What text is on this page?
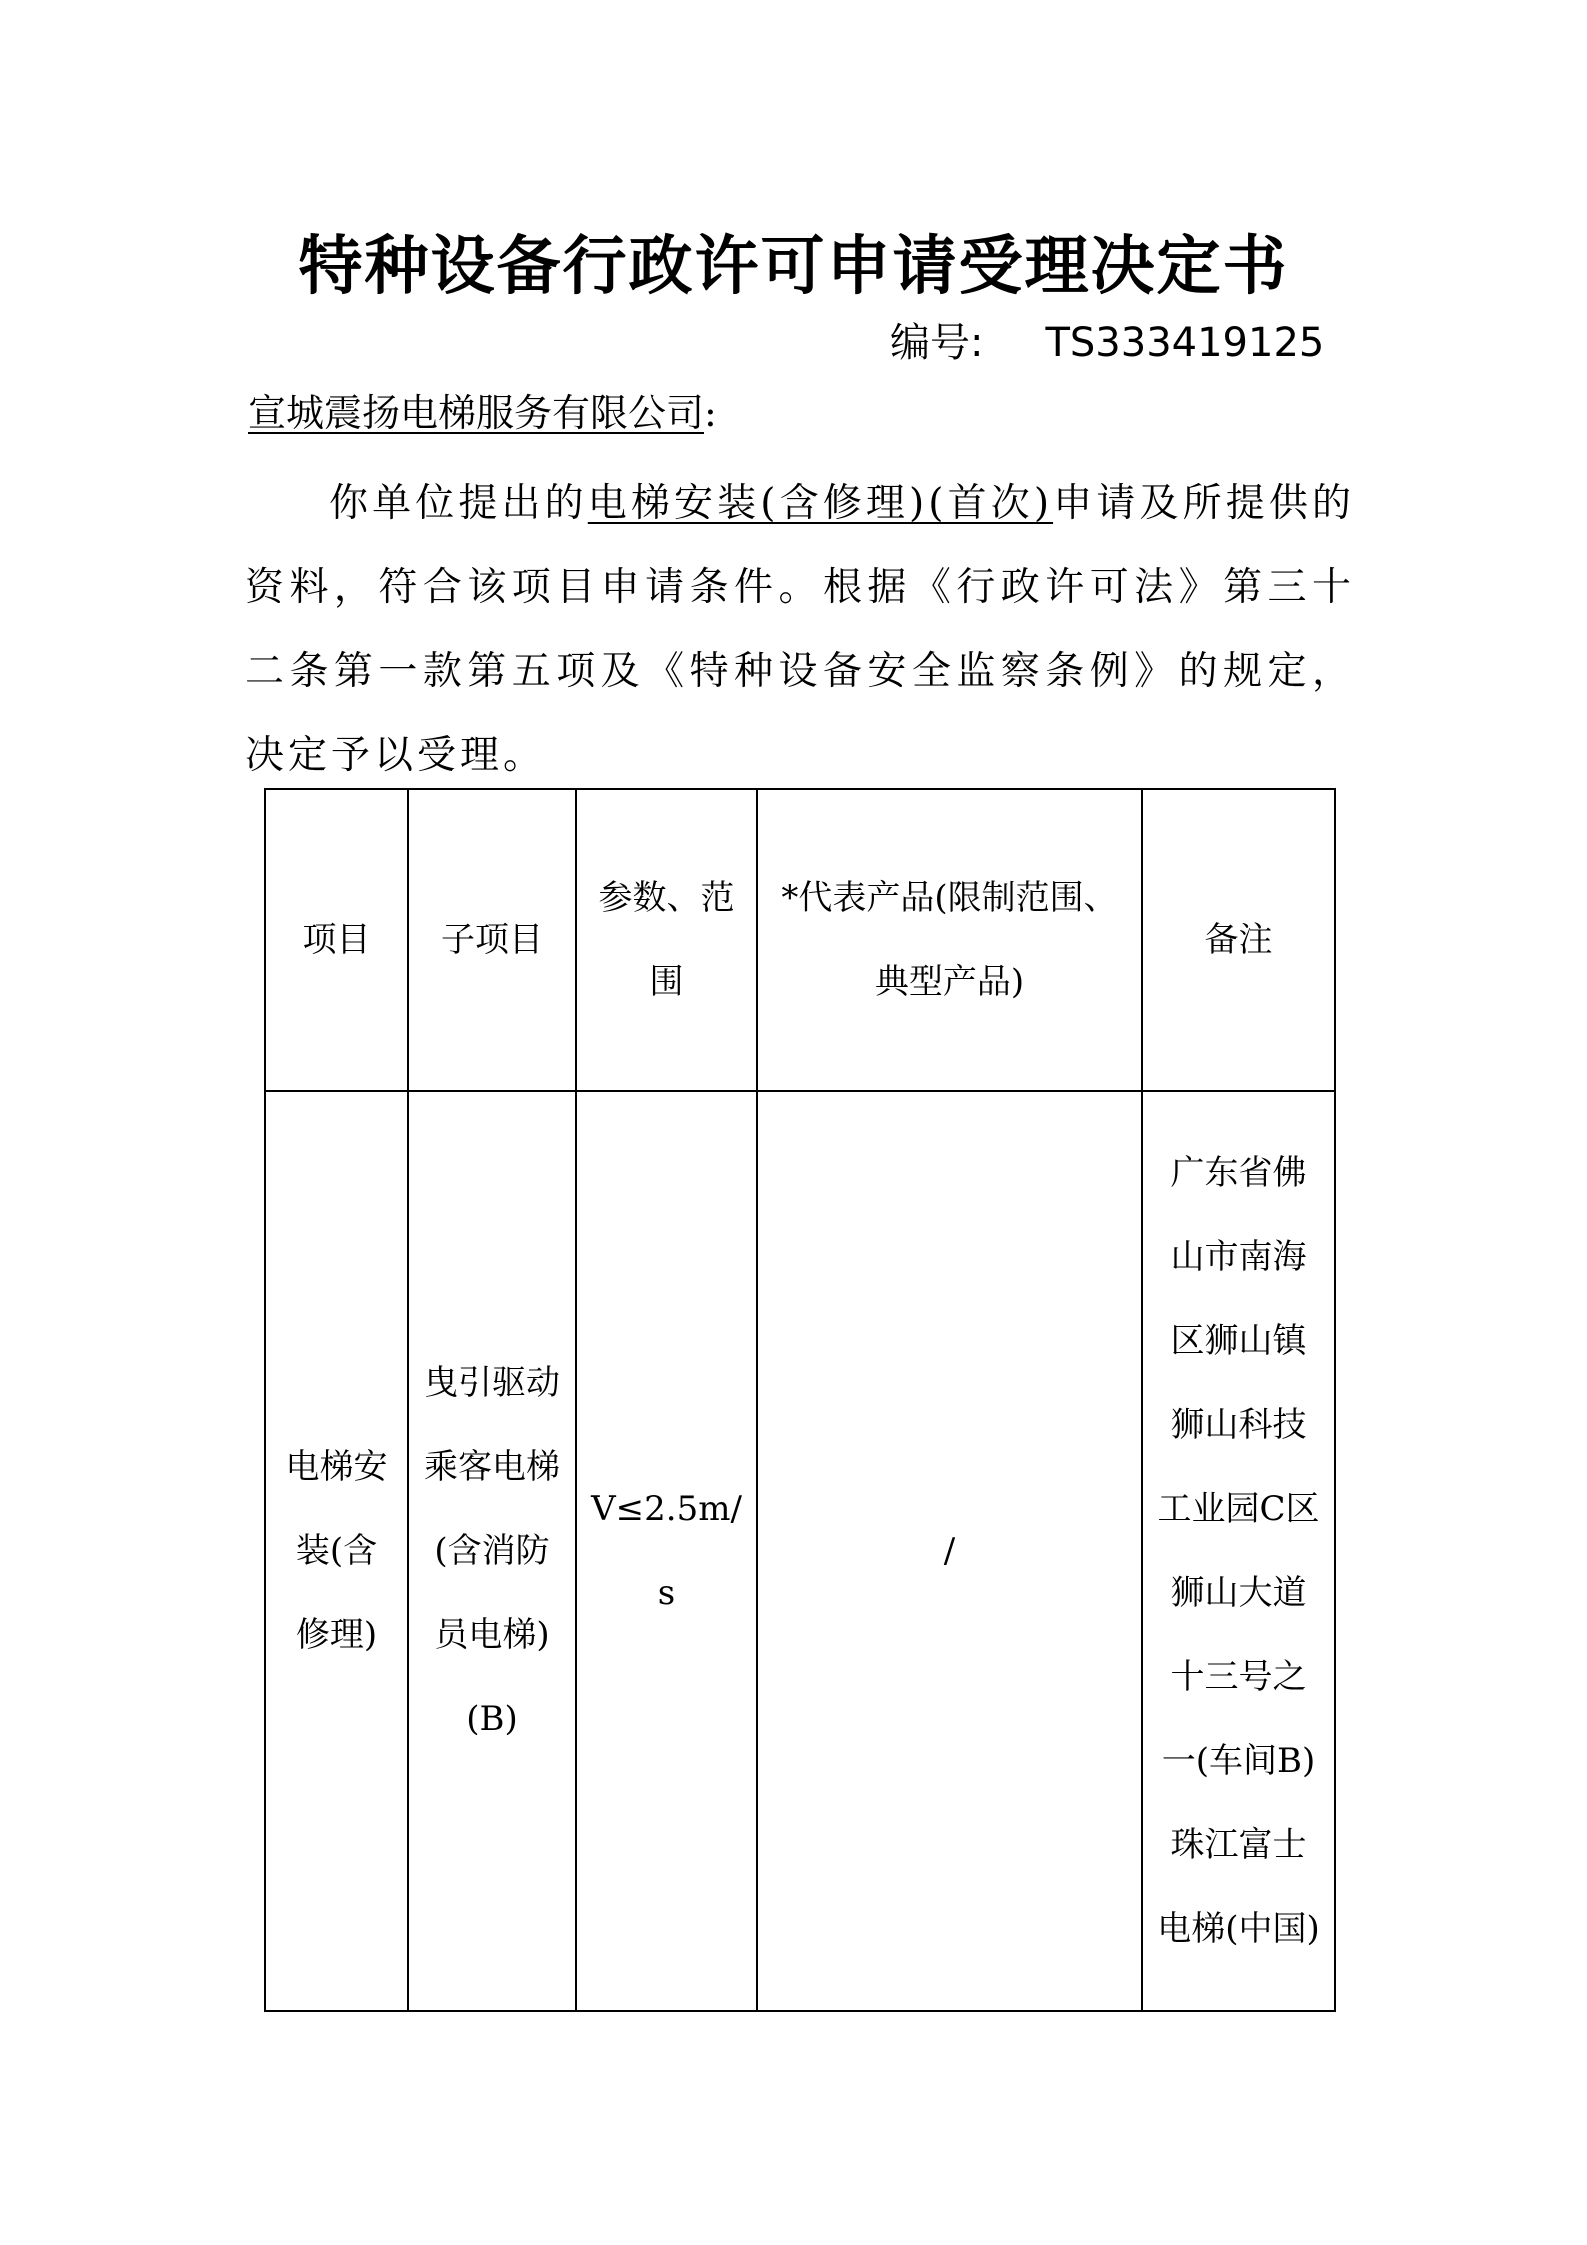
特种设备行政许可申请受理决定书
编号: TS333419125
宣城震扬电梯服务有限公司:
你单位提出的电梯安装(含修理)(首次)申请及所提供的资料，符合该项目申请条件。根据《行政许可法》第三十二条第一款第五项及《特种设备安全监察条例》的规定，决定予以受理。
项目	子项目	参数、范围	*代表产品(限制范围、典型产品)	备注
电梯安装(含修理)	曳引驱动乘客电梯(含消防员电梯)(B)	V≤2.5m/s	/	广东省佛山市南海区狮山镇狮山科技工业园C区狮山大道十三号之一(车间B)珠江富士电梯(中国)
